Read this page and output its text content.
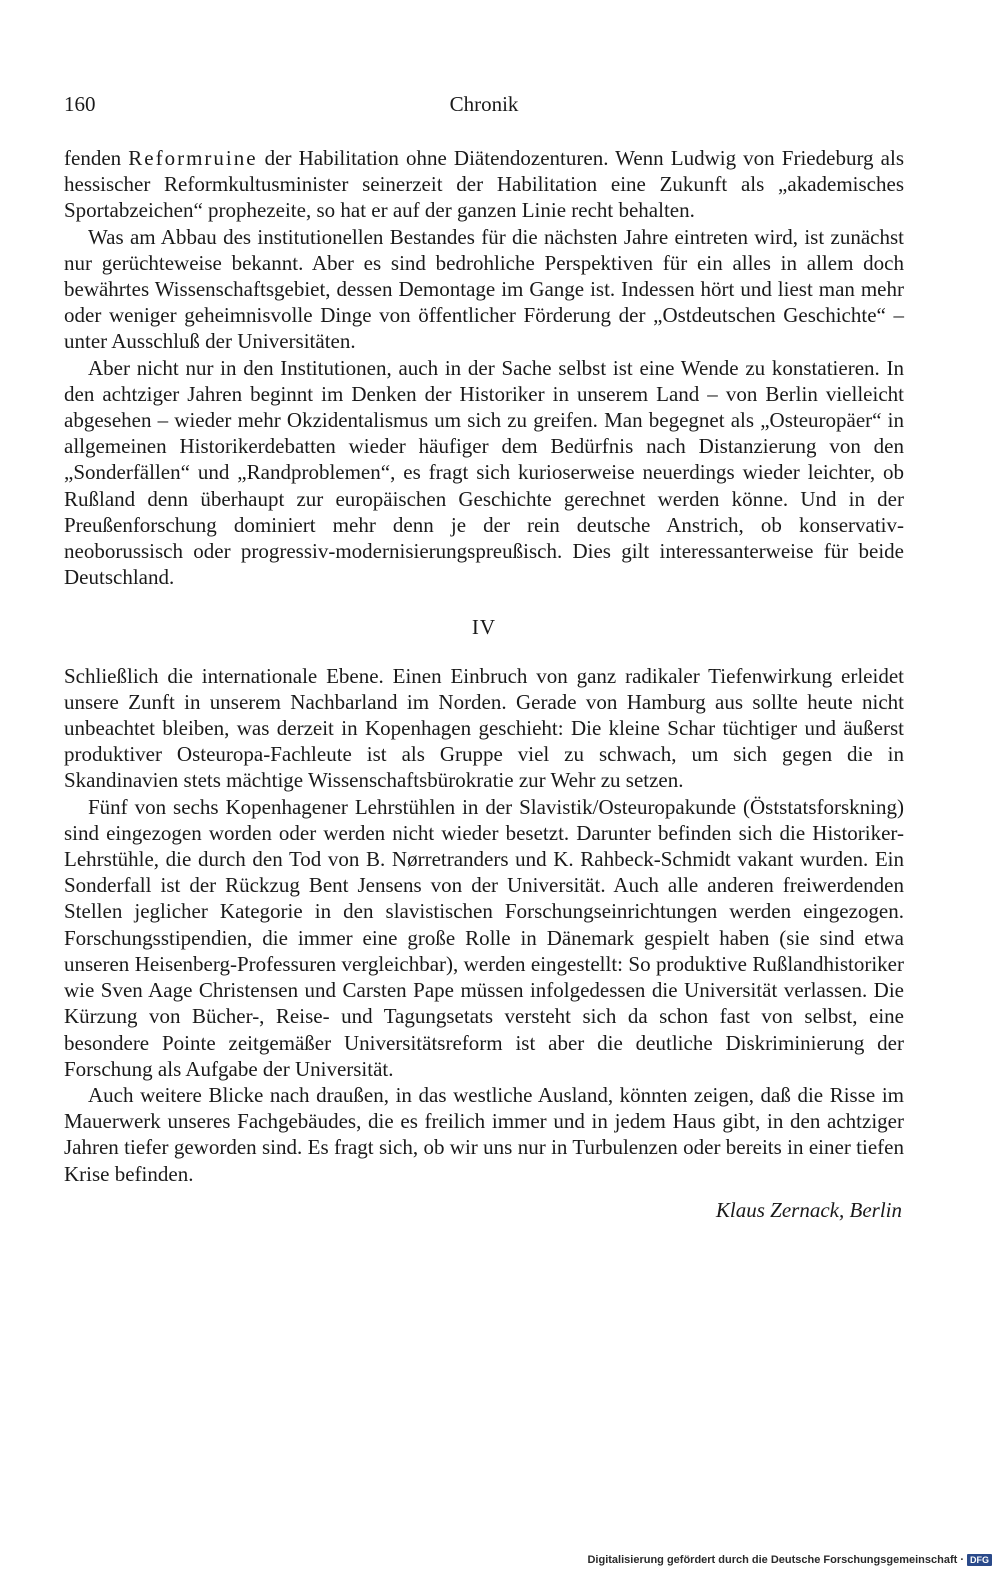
160	Chronik

fenden Reformruine der Habilitation ohne Diätendozenturen. Wenn Ludwig von Friedeburg als hessischer Reformkultusminister seinerzeit der Habilitation eine Zukunft als „akademisches Sportabzeichen“ prophezeite, so hat er auf der ganzen Linie recht behalten.

Was am Abbau des institutionellen Bestandes für die nächsten Jahre eintreten wird, ist zunächst nur gerüchteweise bekannt. Aber es sind bedrohliche Perspektiven für ein alles in allem doch bewährtes Wissenschaftsgebiet, dessen Demontage im Gange ist. Indessen hört und liest man mehr oder weniger geheimnisvolle Dinge von öffentlicher Förderung der „Ostdeutschen Geschichte“ – unter Ausschluß der Universitäten.

Aber nicht nur in den Institutionen, auch in der Sache selbst ist eine Wende zu konstatieren. In den achtziger Jahren beginnt im Denken der Historiker in unserem Land – von Berlin vielleicht abgesehen – wieder mehr Okzidentalismus um sich zu greifen. Man begegnet als „Osteuropäer“ in allgemeinen Historikerdebatten wieder häufiger dem Bedürfnis nach Distanzierung von den „Sonderfällen“ und „Randproblemen“, es fragt sich kurioserweise neuerdings wieder leichter, ob Rußland denn überhaupt zur europäischen Geschichte gerechnet werden könne. Und in der Preußenforschung dominiert mehr denn je der rein deutsche Anstrich, ob konservativ-neoborussisch oder progressiv-modernisierungspreußisch. Dies gilt interessanterweise für beide Deutschland.

IV

Schließlich die internationale Ebene. Einen Einbruch von ganz radikaler Tiefenwirkung erleidet unsere Zunft in unserem Nachbarland im Norden. Gerade von Hamburg aus sollte heute nicht unbeachtet bleiben, was derzeit in Kopenhagen geschieht: Die kleine Schar tüchtiger und äußerst produktiver Osteuropa-Fachleute ist als Gruppe viel zu schwach, um sich gegen die in Skandinavien stets mächtige Wissenschaftsbürokratie zur Wehr zu setzen.

Fünf von sechs Kopenhagener Lehrstühlen in der Slavistik/Osteuropakunde (Öststatsforskning) sind eingezogen worden oder werden nicht wieder besetzt. Darunter befinden sich die Historiker-Lehrstühle, die durch den Tod von B. Nørretranders und K. Rahbeck-Schmidt vakant wurden. Ein Sonderfall ist der Rückzug Bent Jensens von der Universität. Auch alle anderen freiwerdenden Stellen jeglicher Kategorie in den slavistischen Forschungseinrichtungen werden eingezogen. Forschungsstipendien, die immer eine große Rolle in Dänemark gespielt haben (sie sind etwa unseren Heisenberg-Professuren vergleichbar), werden eingestellt: So produktive Rußlandhistoriker wie Sven Aage Christensen und Carsten Pape müssen infolgedessen die Universität verlassen. Die Kürzung von Bücher-, Reise- und Tagungsetats versteht sich da schon fast von selbst, eine besondere Pointe zeitgemäßer Universitätsreform ist aber die deutliche Diskriminierung der Forschung als Aufgabe der Universität.

Auch weitere Blicke nach draußen, in das westliche Ausland, könnten zeigen, daß die Risse im Mauerwerk unseres Fachgebäudes, die es freilich immer und in jedem Haus gibt, in den achtziger Jahren tiefer geworden sind. Es fragt sich, ob wir uns nur in Turbulenzen oder bereits in einer tiefen Krise befinden.

Klaus Zernack, Berlin
Digitalisierung gefördert durch die Deutsche Forschungsgemeinschaft · DFG
